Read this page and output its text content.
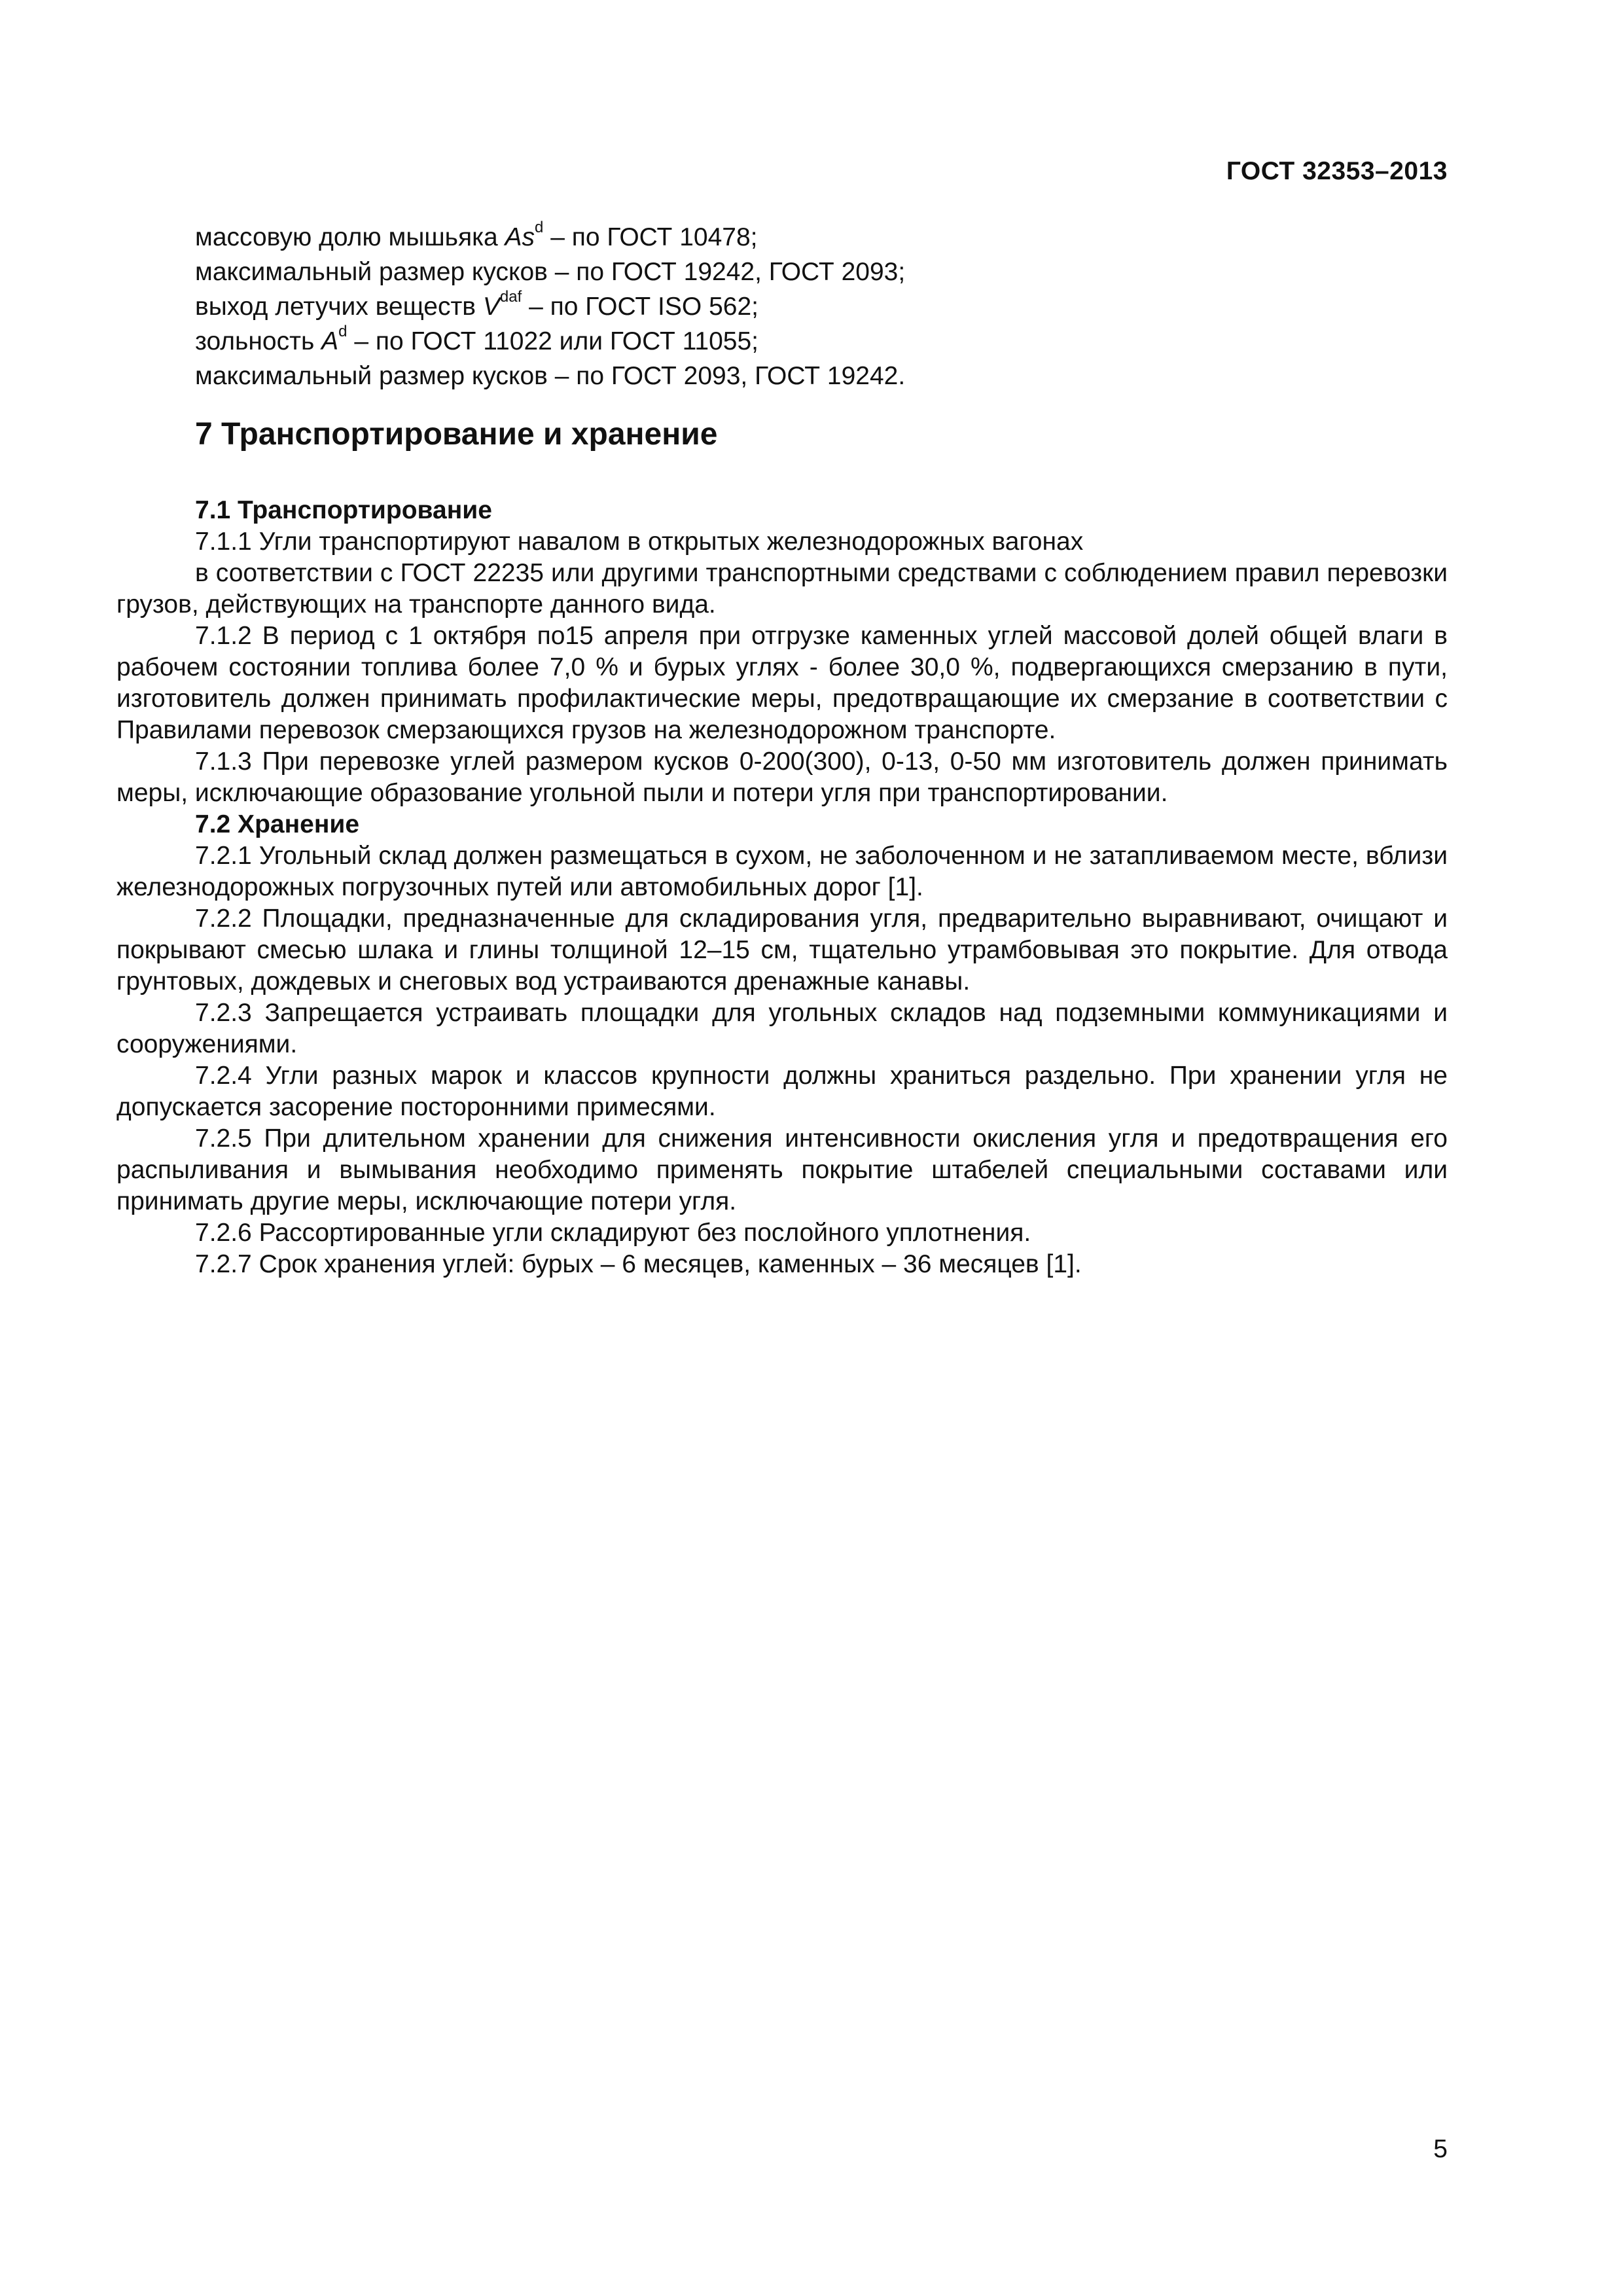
ГОСТ 32353–2013
массовую долю мышьяка As$^d$ – по ГОСТ 10478;
максимальный размер кусков – по ГОСТ 19242, ГОСТ 2093;
выход летучих веществ $V^{daf}$ – по ГОСТ ISO 562;
зольность $A^d$ – по ГОСТ 11022 или ГОСТ 11055;
максимальный размер кусков – по ГОСТ 2093, ГОСТ 19242.
7 Транспортирование и хранение
7.1 Транспортирование
7.1.1 Угли транспортируют навалом в открытых железнодорожных вагонах
в соответствии с ГОСТ 22235 или другими транспортными средствами с соблюдением правил перевозки грузов, действующих на транспорте данного вида.
7.1.2 В период с 1 октября по15 апреля при отгрузке каменных углей массовой долей общей влаги в рабочем состоянии топлива более 7,0 % и бурых углях - более 30,0 %, подвергающихся смерзанию в пути, изготовитель должен принимать профилактические меры, предотвращающие их смерзание в соответствии с Правилами перевозок смерзающихся грузов на железнодорожном транспорте.
7.1.3 При перевозке углей размером кусков 0-200(300), 0-13, 0-50 мм изготовитель должен принимать меры, исключающие образование угольной пыли и потери угля при транспортировании.
7.2 Хранение
7.2.1 Угольный склад должен размещаться в сухом, не заболоченном и не затапливаемом месте, вблизи железнодорожных погрузочных путей или автомобильных дорог [1].
7.2.2 Площадки, предназначенные для складирования угля, предварительно выравнивают, очищают и покрывают смесью шлака и глины толщиной 12–15 см, тщательно утрамбовывая это покрытие. Для отвода грунтовых, дождевых и снеговых вод устраиваются дренажные канавы.
7.2.3 Запрещается устраивать площадки для угольных складов над подземными коммуникациями и сооружениями.
7.2.4 Угли разных марок и классов крупности должны храниться раздельно. При хранении угля не допускается засорение посторонними примесями.
7.2.5 При длительном хранении для снижения интенсивности окисления угля и предотвращения его распыливания и вымывания необходимо применять покрытие штабелей специальными составами или принимать другие меры, исключающие потери угля.
7.2.6 Рассортированные угли складируют без послойного уплотнения.
7.2.7 Срок хранения углей: бурых – 6 месяцев, каменных – 36 месяцев [1].
5
